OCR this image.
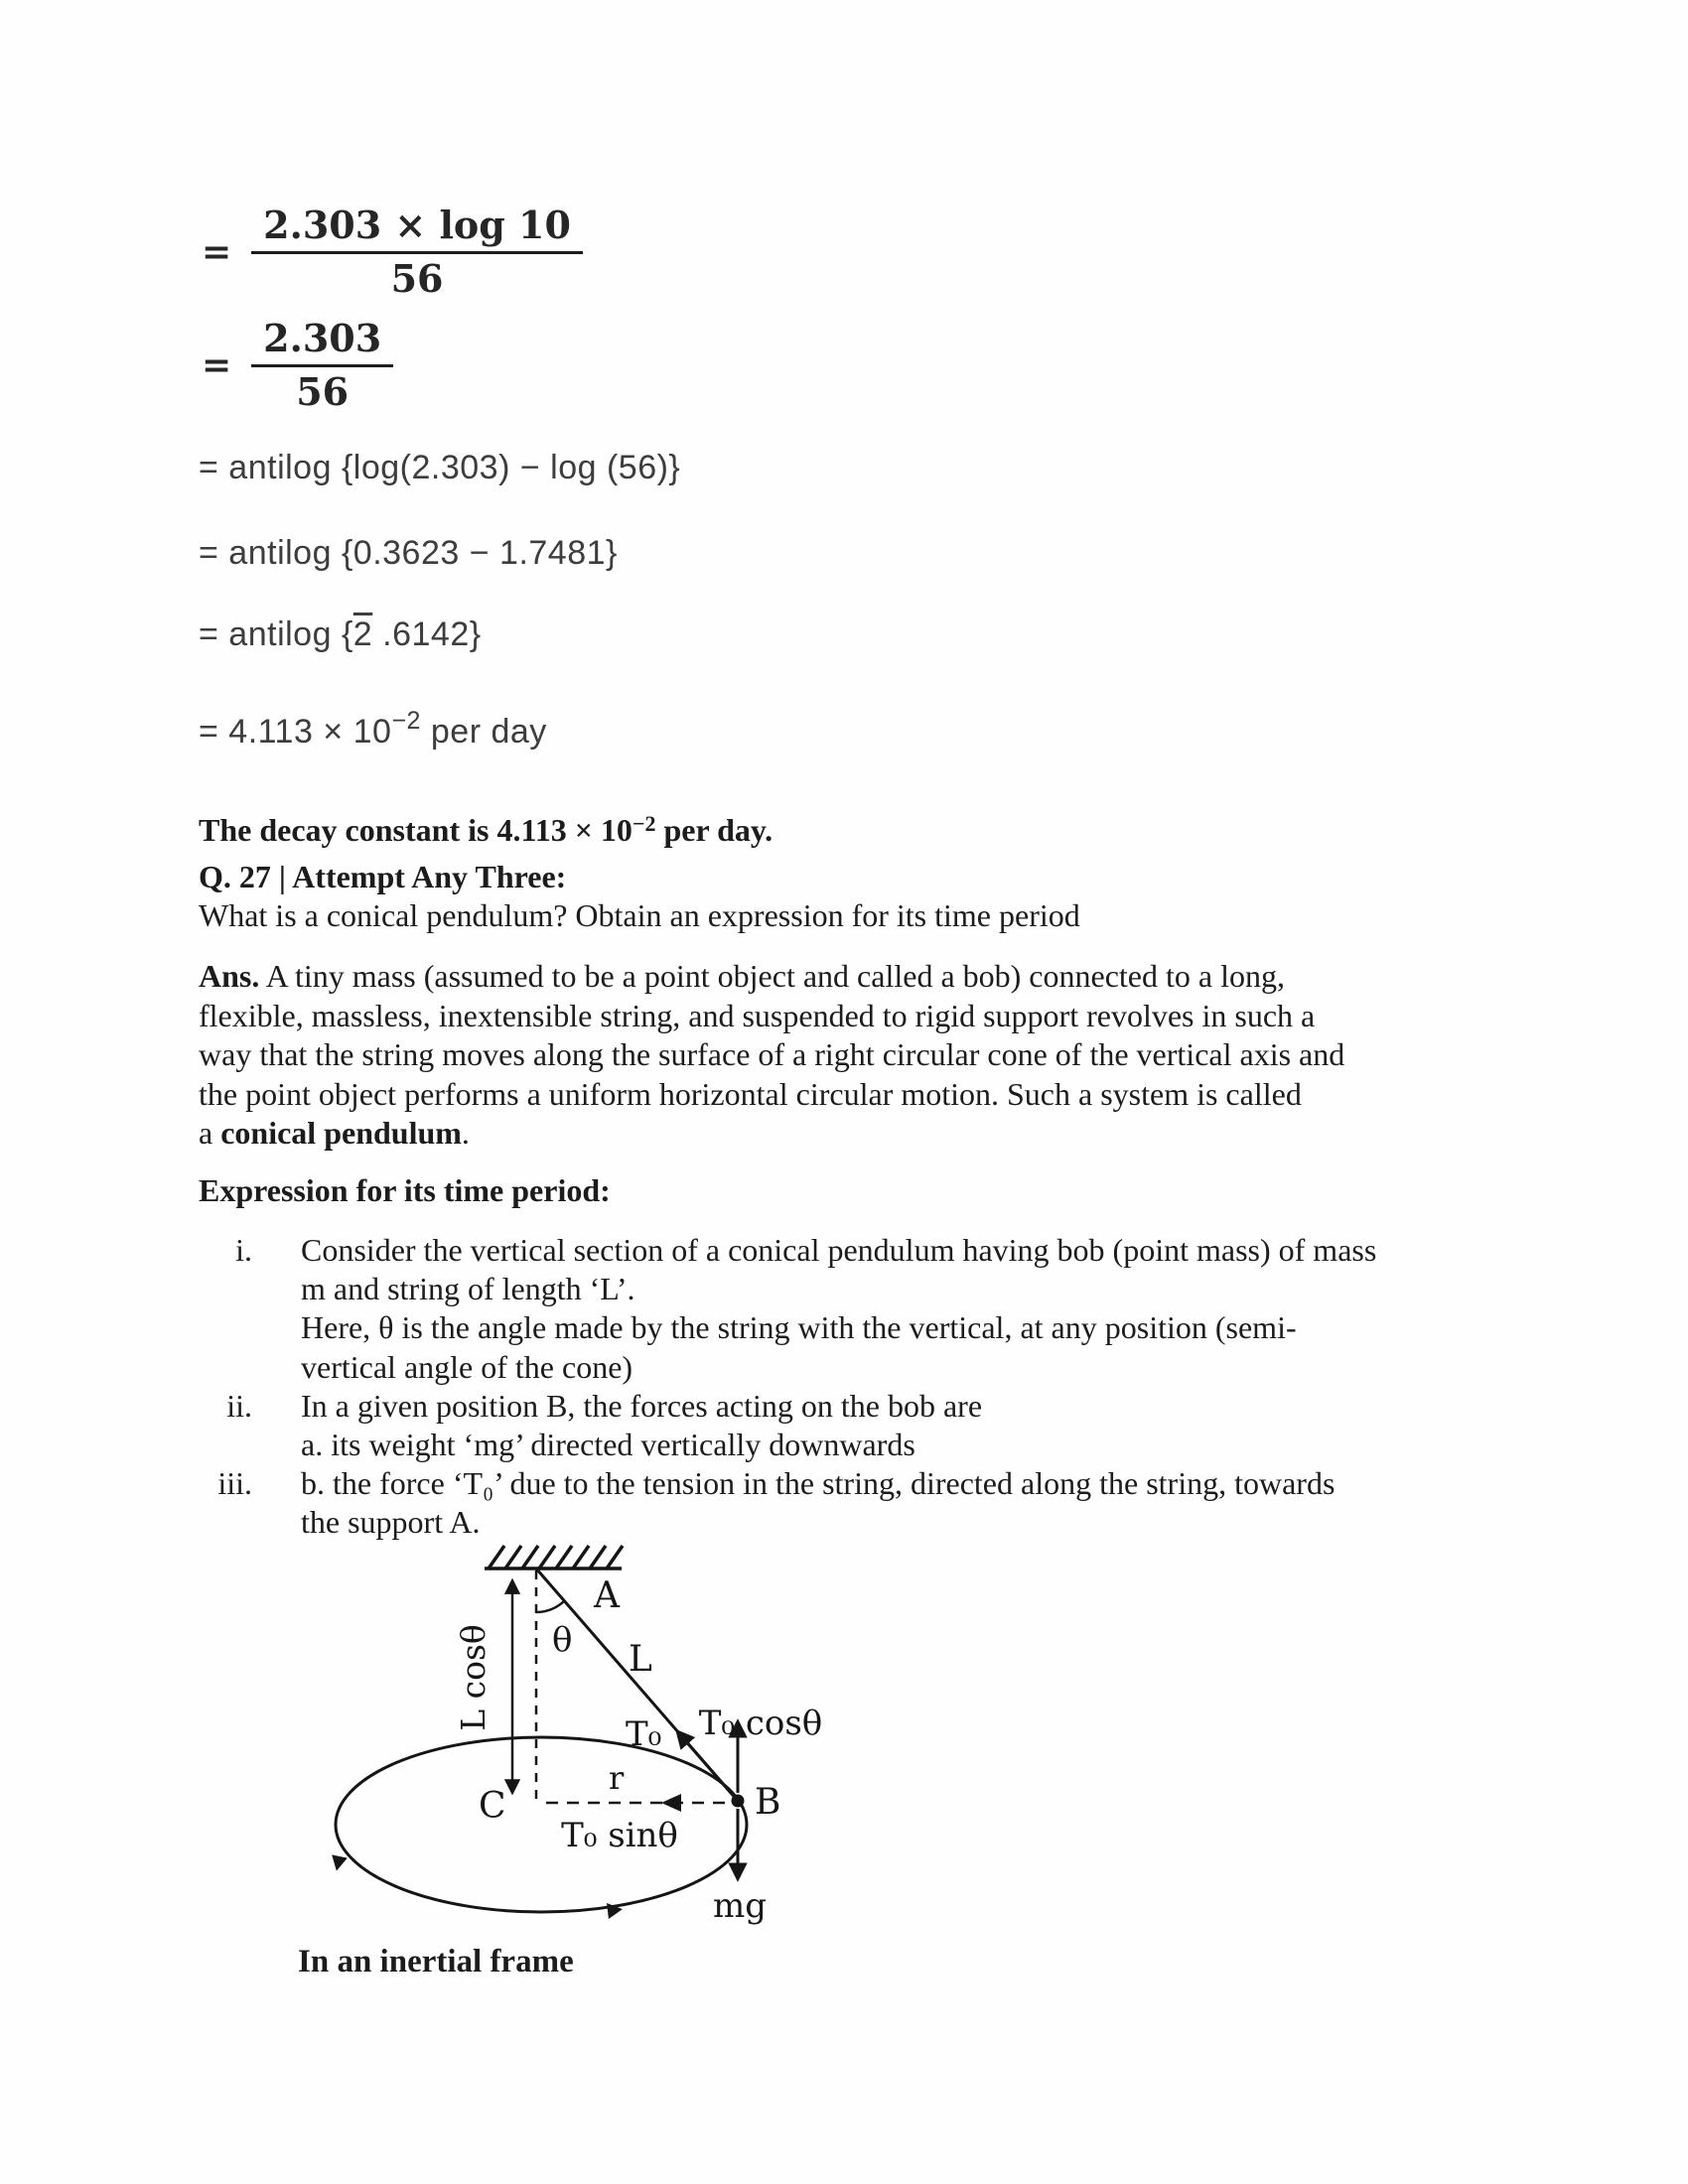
= $\frac{2.303 \times \log 10}{56}$
= $\frac{2.303}{56}$
= antilog {log(2.303) − log (56)}
= antilog {0.3623 − 1.7481}
= antilog {2 .6142}
= $4.113 \times 10^{-2}$ per day
The decay constant is $4.113 \times 10^{-2}$ per day.
Q. 27 | Attempt Any Three:
What is a conical pendulum? Obtain an expression for its time period
Ans. A tiny mass (assumed to be a point object and called a bob) connected to a long,
flexible, massless, inextensible string, and suspended to rigid support revolves in such a
way that the string moves along the surface of a right circular cone of the vertical axis and
the point object performs a uniform horizontal circular motion. Such a system is called
a conical pendulum.
Expression for its time period:
i. Consider the vertical section of a conical pendulum having bob (point mass) of mass
m and string of length ‘L’.
Here, θ is the angle made by the string with the vertical, at any position (semi-
vertical angle of the cone)
ii. In a given position B, the forces acting on the bob are
a. its weight ‘mg’ directed vertically downwards
iii. b. the force ‘T₀’ due to the tension in the string, directed along the string, towards
the support A.
L cosθ
A
θ L
T₀ T₀ cosθ
r
C	B
T₀ sinθ
mg
In an inertial frame
